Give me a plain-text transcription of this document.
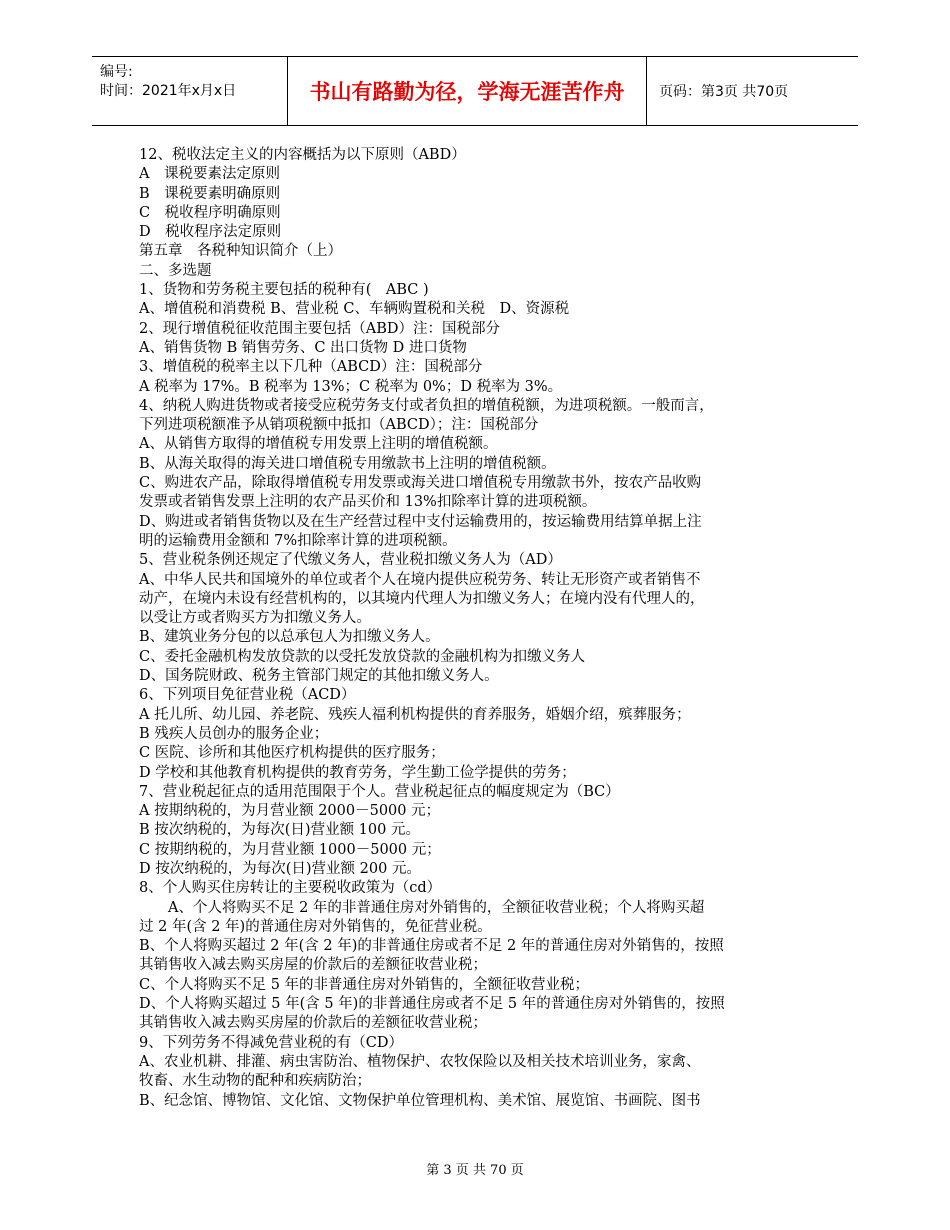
编号:
时间：2021年x月x日	书山有路勤为径，学海无涯苦作舟	页码：第3页 共70页

12、税收法定主义的内容概括为以下原则（ABD）

A　课税要素法定原则

B　课税要素明确原则

C　税收程序明确原则

D　税收程序法定原则

第五章　各税种知识简介（上）

二、多选题

1、货物和劳务税主要包括的税种有(　ABC )

A、增值税和消费税 B、营业税 C、车辆购置税和关税　D、资源税

2、现行增值税征收范围主要包括（ABD）注：国税部分

A、销售货物 B 销售劳务、C 出口货物 D 进口货物

3、增值税的税率主以下几种（ABCD）注：国税部分

A 税率为 17%。B 税率为 13%；C 税率为 0%；D 税率为 3%。

4、纳税人购进货物或者接受应税劳务支付或者负担的增值税额，为进项税额。一般而言，

下列进项税额准予从销项税额中抵扣（ABCD）；注：国税部分

A、从销售方取得的增值税专用发票上注明的增值税额。

B、从海关取得的海关进口增值税专用缴款书上注明的增值税额。

C、购进农产品，除取得增值税专用发票或海关进口增值税专用缴款书外，按农产品收购

发票或者销售发票上注明的农产品买价和 13%扣除率计算的进项税额。

D、购进或者销售货物以及在生产经营过程中支付运输费用的，按运输费用结算单据上注

明的运输费用金额和 7%扣除率计算的进项税额。

5、营业税条例还规定了代缴义务人，营业税扣缴义务人为（AD）

A、中华人民共和国境外的单位或者个人在境内提供应税劳务、转让无形资产或者销售不

动产，在境内未设有经营机构的，以其境内代理人为扣缴义务人；在境内没有代理人的，

以受让方或者购买方为扣缴义务人。

B、建筑业务分包的以总承包人为扣缴义务人。

C、委托金融机构发放贷款的以受托发放贷款的金融机构为扣缴义务人

D、国务院财政、税务主管部门规定的其他扣缴义务人。

6、下列项目免征营业税（ACD）

A 托儿所、幼儿园、养老院、残疾人福利机构提供的育养服务，婚姻介绍，殡葬服务；

B 残疾人员创办的服务企业；

C 医院、诊所和其他医疗机构提供的医疗服务；

D 学校和其他教育机构提供的教育劳务，学生勤工俭学提供的劳务；

7、营业税起征点的适用范围限于个人。营业税起征点的幅度规定为（BC）

A 按期纳税的，为月营业额 2000－5000 元；

B 按次纳税的，为每次(日)营业额 100 元。

C 按期纳税的，为月营业额 1000－5000 元；

D 按次纳税的，为每次(日)营业额 200 元。

8、个人购买住房转让的主要税收政策为（cd）

　　A、个人将购买不足 2 年的非普通住房对外销售的，全额征收营业税；个人将购买超

过 2 年(含 2 年)的普通住房对外销售的，免征营业税。

B、个人将购买超过 2 年(含 2 年)的非普通住房或者不足 2 年的普通住房对外销售的，按照

其销售收入减去购买房屋的价款后的差额征收营业税；

C、个人将购买不足 5 年的非普通住房对外销售的，全额征收营业税；

D、个人将购买超过 5 年(含 5 年)的非普通住房或者不足 5 年的普通住房对外销售的，按照

其销售收入减去购买房屋的价款后的差额征收营业税；

9、下列劳务不得减免营业税的有（CD）

A、农业机耕、排灌、病虫害防治、植物保护、农牧保险以及相关技术培训业务，家禽、

牧畜、水生动物的配种和疾病防治；

B、纪念馆、博物馆、文化馆、文物保护单位管理机构、美术馆、展览馆、书画院、图书

第 3 页 共 70 页
